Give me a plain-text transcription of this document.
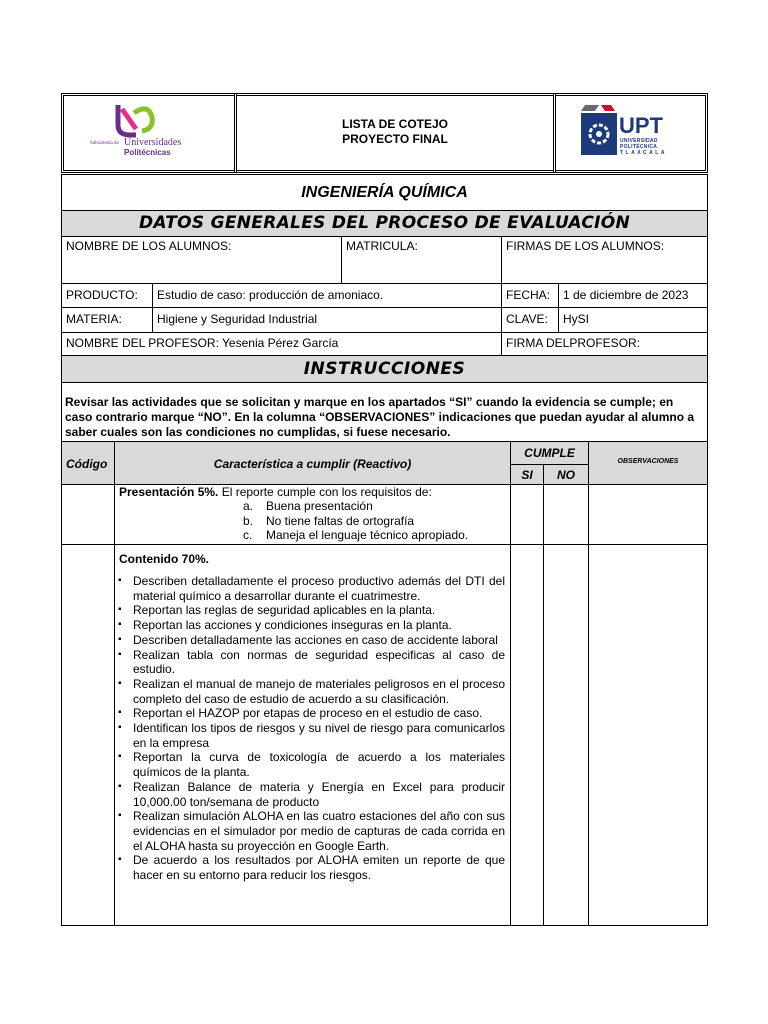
Subsistema de Universidades
Politécnicas
LISTA DE COTEJO
PROYECTO FINAL
UPT
UNIVERSIDAD
POLITÉCNICA
TLAXCALA
INGENIERÍA QUÍMICA
DATOS GENERALES DEL PROCESO DE EVALUACIÓN
NOMBRE DE LOS ALUMNOS:	MATRICULA:	FIRMAS DE LOS ALUMNOS:
PRODUCTO:	Estudio de caso: producción de amoniaco.	FECHA:	1 de diciembre de 2023
MATERIA:	Higiene y Seguridad Industrial	CLAVE:	HySI
NOMBRE DEL PROFESOR: Yesenia Pérez García	FIRMA DELPROFESOR:
INSTRUCCIONES
Revisar las actividades que se solicitan y marque en los apartados “SI” cuando la evidencia se cumple; en caso contrario marque “NO”. En la columna “OBSERVACIONES” indicaciones que puedan ayudar al alumno a saber cuales son las condiciones no cumplidas, si fuese necesario.
Código	Característica a cumplir (Reactivo)
CUMPLE
SI	NO
OBSERVACIONES
Presentación 5%. El reporte cumple con los requisitos de:
a. Buena presentación
b. No tiene faltas de ortografía
c. Maneja el lenguaje técnico apropiado.
Contenido 70%.
▪ Describen detalladamente el proceso productivo además del DTI del material químico a desarrollar durante el cuatrimestre.
▪ Reportan las reglas de seguridad aplicables en la planta.
▪ Reportan las acciones y condiciones inseguras en la planta.
▪ Describen detalladamente las acciones en caso de accidente laboral
▪ Realizan tabla con normas de seguridad especificas al caso de estudio.
▪ Realizan el manual de manejo de materiales peligrosos en el proceso completo del caso de estudio de acuerdo a su clasificación.
▪ Reportan el HAZOP por etapas de proceso en el estudio de caso.
▪ Identifican los tipos de riesgos y su nivel de riesgo para comunicarlos en la empresa
▪ Reportan la curva de toxicología de acuerdo a los materiales químicos de la planta.
▪ Realizan Balance de materia y Energía en Excel para producir 10,000.00 ton/semana de producto
▪ Realizan simulación ALOHA en las cuatro estaciones del año con sus evidencias en el simulador por medio de capturas de cada corrida en el ALOHA hasta su proyección en Google Earth.
▪ De acuerdo a los resultados por ALOHA emiten un reporte de que hacer en su entorno para reducir los riesgos.
